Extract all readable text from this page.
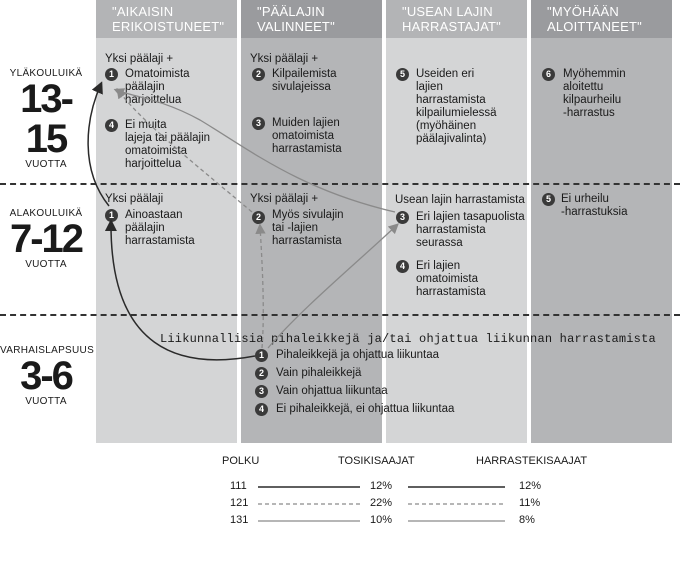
"AIKAISIN
ERIKOISTUNEET"
"PÄÄLAJIN
VALINNEET"
"USEAN LAJIN
HARRASTAJAT"
"MYÖHÄÄN
ALOITTANEET"
YLÄKOULUIKÄ
13-15
VUOTTA
ALAKOULUIKÄ
7-12
VUOTTA
VARHAISLAPSUUS
3-6
VUOTTA
Yksi päälaji +
1 Omatoimista
päälajin
harjoittelua
4 Ei muita
lajeja tai päälajin
omatoimista
harjoittelua
Yksi päälaji +
2 Kilpailemista
sivulajeissa
3 Muiden lajien
omatoimista
harrastamista
5 Useiden eri
lajien
harrastamista
kilpailumielessä
(myöhäinen
päälajivalinta)
6	Myöhemmin
aloitettu
kilpaurheilu
-harrastus
Yksi päälaji
1 Ainoastaan
päälajin
harrastamista
Yksi päälaji +
2 Myös sivulajin
tai -lajien
harrastamista
Usean lajin harrastamista
3 Eri lajien tasapuolista
harrastamista
seurassa
4 Eri lajien
omatoimista
harrastamista
5 Ei urheilu
-harrastuksia
Liikunnallisia pihaleikkejä ja/tai ohjattua liikunnan harrastamista
1	Pihaleikkejä ja ohjattua liikuntaa
2	Vain pihaleikkejä
3	Vain ohjattua liikuntaa
4	Ei pihaleikkejä, ei ohjattua liikuntaa
POLKU	TOSIKISAAJAT	HARRASTEKISAAJAT
111	12%	12%
121	22%	11%
131	10%	8%
